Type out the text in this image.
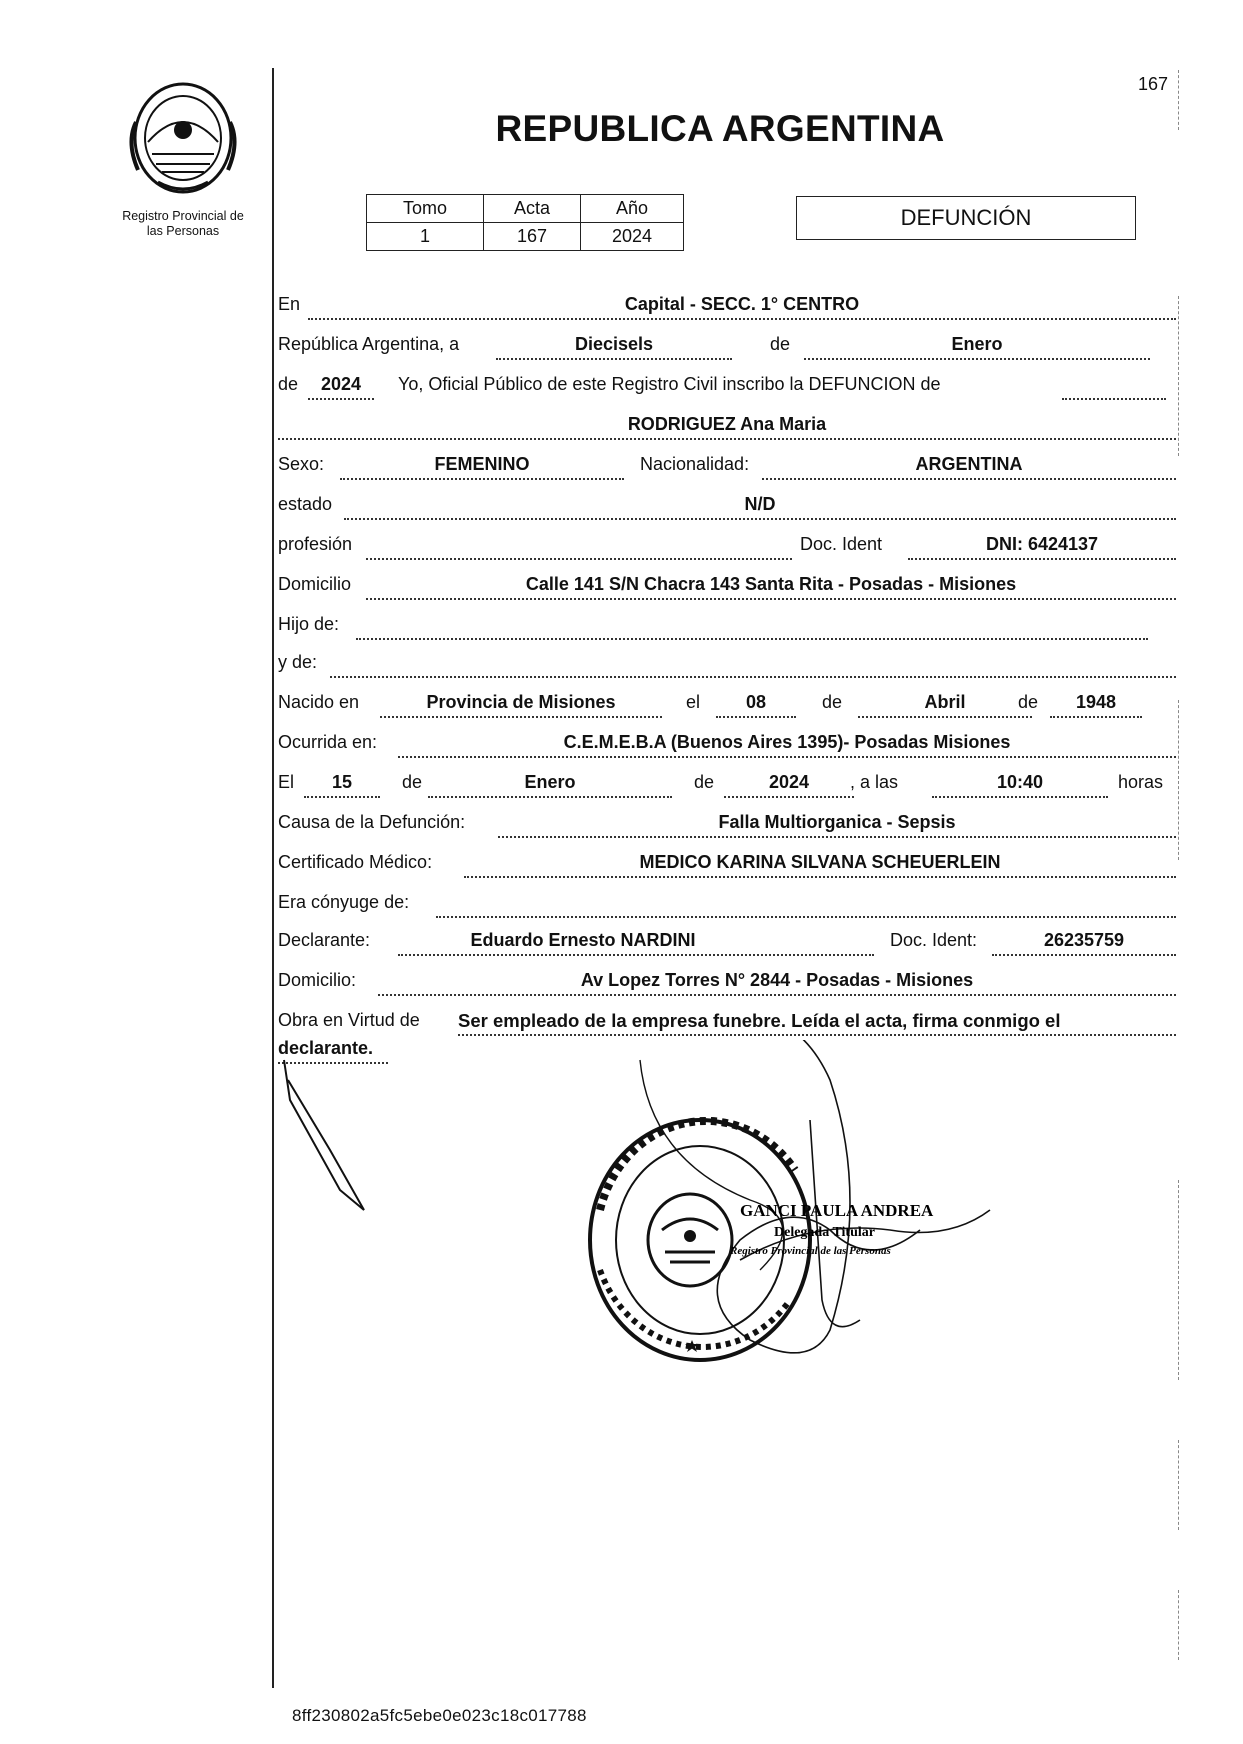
Registro Provincial de
las Personas
167
REPUBLICA ARGENTINA
Tomo	Acta	Año
1	167	2024
DEFUNCIÓN
En	Capital - SECC. 1° CENTRO
República Argentina, a	Diecisels	de	Enero
de	2024	Yo, Oficial Público de este Registro Civil inscribo la DEFUNCION de
RODRIGUEZ Ana Maria
Sexo:	FEMENINO	Nacionalidad:	ARGENTINA
estado	N/D
profesión	Doc. Ident	DNI: 6424137
Domicilio	Calle 141 S/N Chacra 143 Santa Rita - Posadas - Misiones
Hijo de:
y de:
Nacido en	Provincia de Misiones	el	08	de	Abril	de	1948
Ocurrida en:	C.E.M.E.B.A (Buenos Aires 1395)- Posadas Misiones
El	15	de	Enero	de	2024	, a las	10:40	horas
Causa de la Defunción:	Falla Multiorganica - Sepsis
Certificado Médico:	MEDICO KARINA SILVANA SCHEUERLEIN
Era cónyuge de:
Declarante:	Eduardo Ernesto NARDINI	Doc. Ident:	26235759
Domicilio:	Av Lopez Torres N° 2844 - Posadas - Misiones
Obra en Virtud de Ser empleado de la empresa funebre. Leída el acta, firma conmigo el
declarante.
GANCI PAULA ANDREA
Delegada Titular
Registro Provincial de las Personas
8ff230802a5fc5ebe0e023c18c017788
